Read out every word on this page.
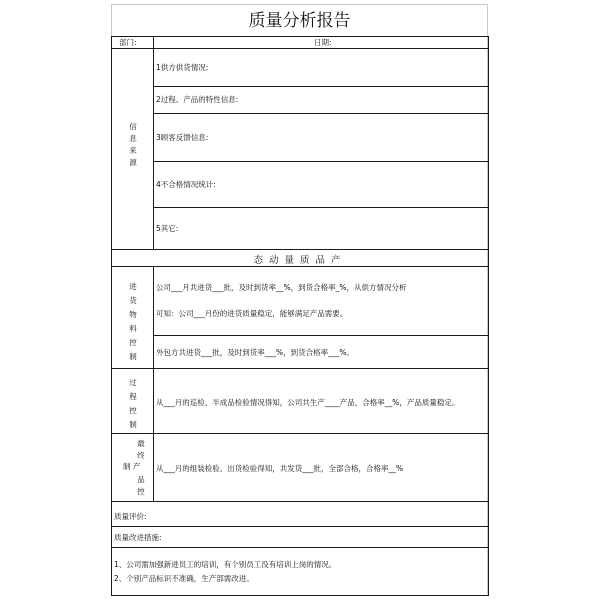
质量分析报告
部门:	日期:
信
息
来
源
1供方供货情况:
2过程、产品的特性信息:
3顾客反馈信息:
4不合格情况统计:
5其它:
态动量质品产
进
货
物
料
控
制
公司___月共进货___批，及时到货率__%，到货合格率_%，从供方情况分析
可知：公司___月份的进货质量稳定，能够满足产品需要。
外包方共进货___批，及时到货率___%，到货合格率___%。
过
程
控
制
从___月的巡检、半成品检验情况得知，公司共生产____产品，合格率__%，产品质量稳定。
最
终
制 产
品
控
从___月的组装检验、出货检验得知，共发货___批，全部合格，合格率__%
质量评价:
质量改进措施:
1、公司需加强新进员工的培训，有个别员工没有培训上岗的情况。
2、个别产品标识不准确，生产部需改进。
